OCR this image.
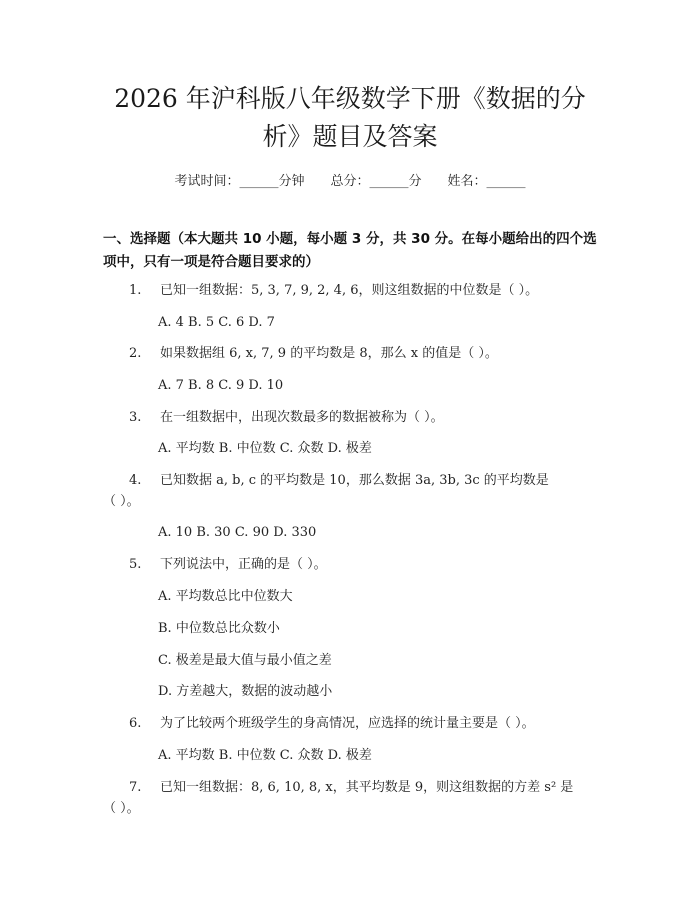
2026 年沪科版八年级数学下册《数据的分
析》题目及答案
考试时间：______分钟 总分：______分 姓名：______
一、选择题（本大题共 10 小题，每小题 3 分，共 30 分。在每小题给出的四个选
项中，只有一项是符合题目要求的）
1. 已知一组数据：5, 3, 7, 9, 2, 4, 6，则这组数据的中位数是（ ）。
A. 4 B. 5 C. 6 D. 7
2. 如果数据组 6, x, 7, 9 的平均数是 8，那么 x 的值是（ ）。
A. 7 B. 8 C. 9 D. 10
3. 在一组数据中，出现次数最多的数据被称为（ ）。
A. 平均数 B. 中位数 C. 众数 D. 极差
4. 已知数据 a, b, c 的平均数是 10，那么数据 3a, 3b, 3c 的平均数是
（ ）。
A. 10 B. 30 C. 90 D. 330
5. 下列说法中，正确的是（ ）。
A. 平均数总比中位数大
B. 中位数总比众数小
C. 极差是最大值与最小值之差
D. 方差越大，数据的波动越小
6. 为了比较两个班级学生的身高情况，应选择的统计量主要是（ ）。
A. 平均数 B. 中位数 C. 众数 D. 极差
7. 已知一组数据：8, 6, 10, 8, x，其平均数是 9，则这组数据的方差 s² 是
（ ）。
